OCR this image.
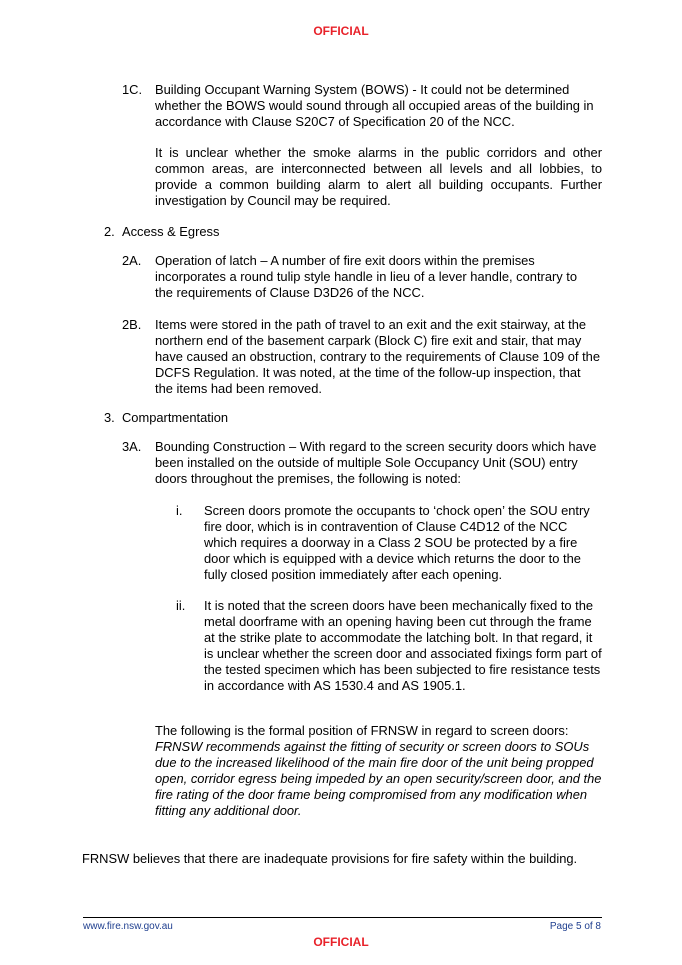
OFFICIAL
1C. Building Occupant Warning System (BOWS) - It could not be determined whether the BOWS would sound through all occupied areas of the building in accordance with Clause S20C7 of Specification 20 of the NCC.

It is unclear whether the smoke alarms in the public corridors and other common areas, are interconnected between all levels and all lobbies, to provide a common building alarm to alert all building occupants. Further investigation by Council may be required.

2. Access & Egress
2A. Operation of latch – A number of fire exit doors within the premises incorporates a round tulip style handle in lieu of a lever handle, contrary to the requirements of Clause D3D26 of the NCC.

2B. Items were stored in the path of travel to an exit and the exit stairway, at the northern end of the basement carpark (Block C) fire exit and stair, that may have caused an obstruction, contrary to the requirements of Clause 109 of the DCFS Regulation. It was noted, at the time of the follow-up inspection, that the items had been removed.

3. Compartmentation
3A. Bounding Construction – With regard to the screen security doors which have been installed on the outside of multiple Sole Occupancy Unit (SOU) entry doors throughout the premises, the following is noted:

i. Screen doors promote the occupants to ‘chock open’ the SOU entry fire door, which is in contravention of Clause C4D12 of the NCC which requires a doorway in a Class 2 SOU be protected by a fire door which is equipped with a device which returns the door to the fully closed position immediately after each opening.

ii. It is noted that the screen doors have been mechanically fixed to the metal doorframe with an opening having been cut through the frame at the strike plate to accommodate the latching bolt. In that regard, it is unclear whether the screen door and associated fixings form part of the tested specimen which has been subjected to fire resistance tests in accordance with AS 1530.4 and AS 1905.1.

The following is the formal position of FRNSW in regard to screen doors:
FRNSW recommends against the fitting of security or screen doors to SOUs due to the increased likelihood of the main fire door of the unit being propped open, corridor egress being impeded by an open security/screen door, and the fire rating of the door frame being compromised from any modification when fitting any additional door.

FRNSW believes that there are inadequate provisions for fire safety within the building.

www.fire.nsw.gov.au	Page 5 of 8
OFFICIAL
